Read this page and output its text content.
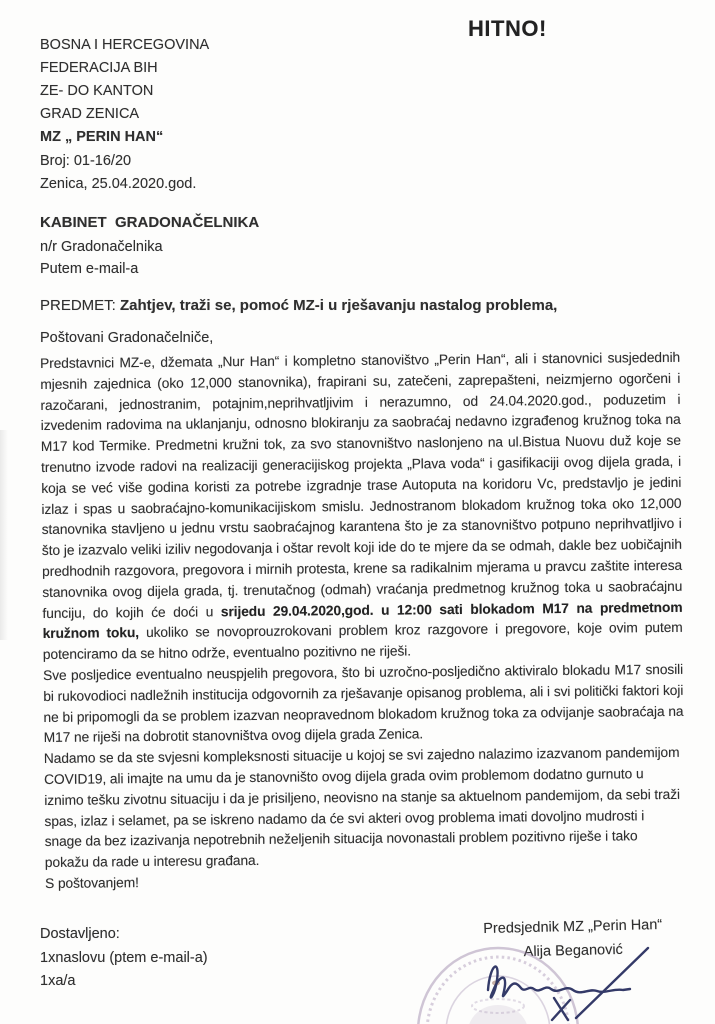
HITNO!
BOSNA I HERCEGOVINA
FEDERACIJA BIH
ZE- DO KANTON
GRAD ZENICA
MZ „ PERIN HAN“
Broj: 01-16/20
Zenica, 25.04.2020.god.
KABINET  GRADONAČELNIKA
n/r Gradonačelnika
Putem e-mail-a
PREDMET: Zahtjev, traži se, pomoć MZ-i u rješavanju nastalog problema,
Poštovani Gradonačelniče,

Predstavnici MZ-e, džemata „Nur Han“ i kompletno stanovištvo „Perin Han“, ali i stanovnici susjedednih mjesnih zajednica (oko 12,000 stanovnika), frapirani su, zatečeni, zaprepašteni, neizmjerno ogorčeni i razočarani, jednostranim, potajnim,neprihvatljivim i nerazumno, od 24.04.2020.god., poduzetim i izvedenim radovima na uklanjanju, odnosno blokiranju za saobraćaj nedavno izgrađenog kružnog toka na M17 kod Termike. Predmetni kružni tok, za svo stanovništvo naslonjeno na ul.Bistua Nuovu duž koje se trenutno izvode radovi na realizaciji generacijiskog projekta „Plava voda“ i gasifikaciji ovog dijela grada, i koja se već više godina koristi za potrebe izgradnje trase Autoputa na koridoru Vc, predstavljo je jedini izlaz i spas u saobraćajno-komunikacijiskom smislu. Jednostranom blokadom kružnog toka oko 12,000 stanovnika stavljeno u jednu vrstu saobraćajnog karantena što je za stanovništvo potpuno neprihvatljivo i što je izazvalo veliki iziliv negodovanja i oštar revolt koji ide do te mjere da se odmah, dakle bez uobičajnih predhodnih razgovora, pregovora i mirnih protesta, krene sa radikalnim mjerama u pravcu zaštite interesa stanovnika ovog dijela grada, tj. trenutačnog (odmah) vraćanja predmetnog kružnog toka u saobraćajnu funciju, do kojih će doći u srijedu 29.04.2020,god. u 12:00 sati blokadom M17 na predmetnom kružnom toku, ukoliko se novoprouzrokovani problem kroz razgovore i pregovore, koje ovim putem potenciramo da se hitno održe, eventualno pozitivno ne riješi.

Sve posljedice eventualno neuspjelih pregovora, što bi uzročno-posljedično aktiviralo blokadu M17 snosili bi rukovodioci nadležnih institucija odgovornih za rješavanje opisanog problema, ali i svi politički faktori koji ne bi pripomogli da se problem izazvan neopravednom blokadom kružnog toka za odvijanje saobraćaja na M17 ne riješi na dobrotit stanovništva ovog dijela grada Zenica.

Nadamo se da ste svjesni kompleksnosti situacije u kojoj se svi zajedno nalazimo izazvanom pandemijom COVID19, ali imajte na umu da je stanovništo ovog dijela grada ovim problemom dodatno gurnuto u iznimo tešku zivotnu situaciju i da je prisiljeno, neovisno na stanje sa aktuelnom pandemijom, da sebi traži spas, izlaz i selamet, pa se iskreno nadamo da će svi akteri ovog problema imati dovoljno mudrosti i snage da bez izazivanja nepotrebnih neželjenih situacija novonastali problem pozitivno riješe i tako pokažu da rade u interesu građana.

S poštovanjem!

Dostavljeno:
1xnaslovu (ptem e-mail-a)
1xa/a
Predsjednik MZ „Perin Han“
Alija Beganović
